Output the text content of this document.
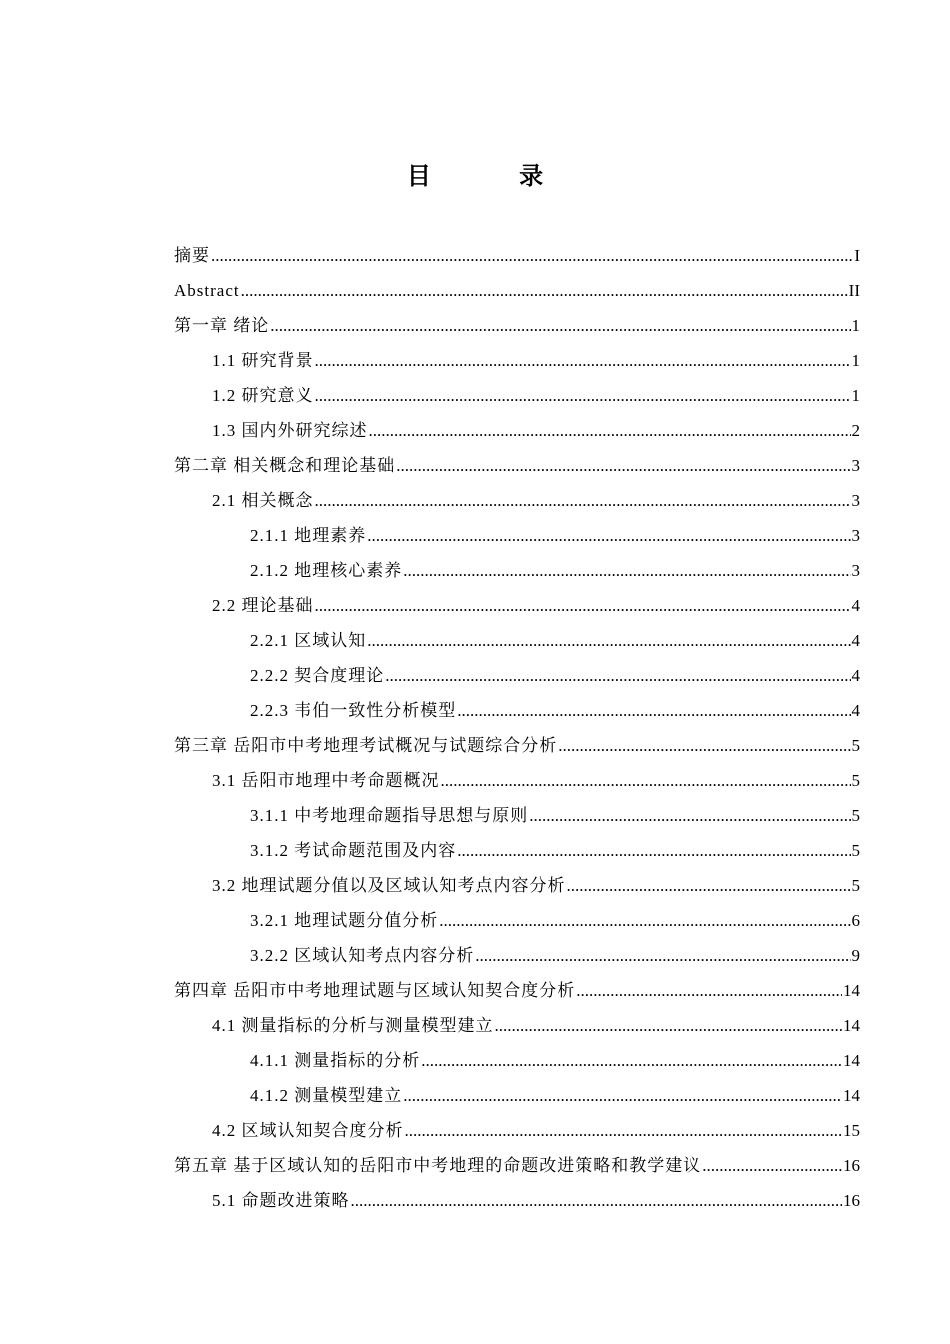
目 录
摘要 .....	I
Abstract .....	II
第一章 绪论 .....	1
1.1 研究背景 .....	1
1.2 研究意义 .....	1
1.3 国内外研究综述 .....	2
第二章 相关概念和理论基础 .....	3
2.1 相关概念 .....	3
2.1.1 地理素养 .....	3
2.1.2 地理核心素养 .....	3
2.2 理论基础 .....	4
2.2.1 区域认知 .....	4
2.2.2 契合度理论 .....	4
2.2.3 韦伯一致性分析模型 .....	4
第三章 岳阳市中考地理考试概况与试题综合分析 .....	5
3.1 岳阳市地理中考命题概况 .....	5
3.1.1 中考地理命题指导思想与原则 .....	5
3.1.2 考试命题范围及内容 .....	5
3.2 地理试题分值以及区域认知考点内容分析 .....	5
3.2.1 地理试题分值分析 .....	6
3.2.2 区域认知考点内容分析 .....	9
第四章 岳阳市中考地理试题与区域认知契合度分析 .....	14
4.1 测量指标的分析与测量模型建立 .....	14
4.1.1 测量指标的分析 .....	14
4.1.2 测量模型建立 .....	14
4.2 区域认知契合度分析 .....	15
第五章 基于区域认知的岳阳市中考地理的命题改进策略和教学建议 .....	16
5.1 命题改进策略 .....	16
